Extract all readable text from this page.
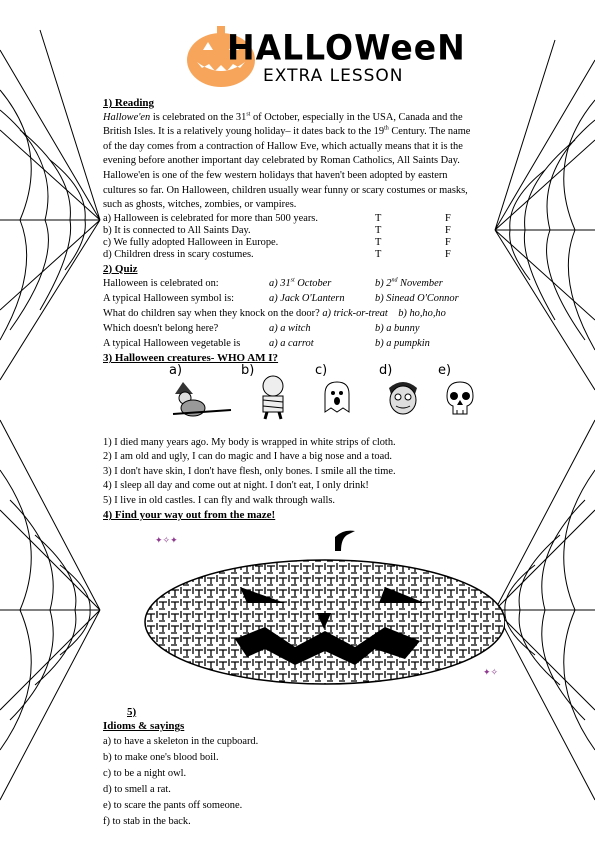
HALLOWeeN
EXTRA LESSON
1) Reading

Hallowe'en is celebrated on the 31st of October, especially in the USA, Canada and the

British Isles. It is a relatively young holiday– it dates back to the 19th Century. The name

of the day comes from a contraction of Hallow Eve, which actually means that it is the

evening before another important day celebrated by Roman Catholics, All Saints Day.

Hallowe'en is one of the few western holidays that haven't been adopted by eastern

cultures so far. On Halloween, children usually wear funny or scary costumes or masks,

such as ghosts, witches, zombies, or vampires.

a) Halloween is celebrated for more than 500 years.	T	F
b) It is connected to All Saints Day.	T	F
c) We fully adopted Halloween in Europe.	T	F
d) Children dress in scary costumes.	T	F
2) Quiz
Halloween is celebrated on:	a) 31st October	b) 2nd November
A typical Halloween symbol is:	a) Jack O'Lantern	b) Sinead O'Connor
What do children say when they knock on the door? a) trick-or-treat b) ho,ho,ho
Which doesn't belong here?	a) a witch	b) a bunny
A typical Halloween vegetable is	a) a carrot	b) a pumpkin
3) Halloween creatures- WHO AM I?
a)	b)	c)	d)	e)

1) I died many years ago. My body is wrapped in white strips of cloth.

2) I am old and ugly, I can do magic and I have a big nose and a toad.

3) I don't have skin, I don't have flesh, only bones. I smile all the time.

4) I sleep all day and come out at night. I don't eat, I only drink!

5) I live in old castles. I can fly and walk through walls.

4) Find your way out from the maze!
✦✧✦
✦✧
5)
Idioms & sayings

a) to have a skeleton in the cupboard.

b) to make one's blood boil.

c) to be a night owl.

d) to smell a rat.

e) to scare the pants off someone.

f) to stab in the back.
